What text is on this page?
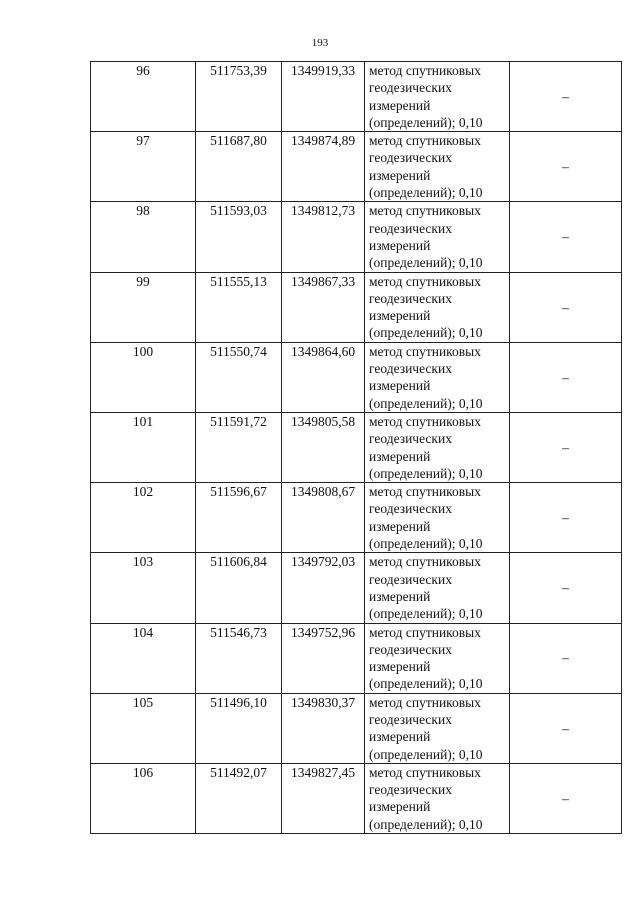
193
96	511753,39	1349919,33	метод спутниковых
геодезических
измерений
(определений); 0,10	–
97	511687,80	1349874,89	метод спутниковых
геодезических
измерений
(определений); 0,10	–
98	511593,03	1349812,73	метод спутниковых
геодезических
измерений
(определений); 0,10	–
99	511555,13	1349867,33	метод спутниковых
геодезических
измерений
(определений); 0,10	–
100	511550,74	1349864,60	метод спутниковых
геодезических
измерений
(определений); 0,10	–
101	511591,72	1349805,58	метод спутниковых
геодезических
измерений
(определений); 0,10	–
102	511596,67	1349808,67	метод спутниковых
геодезических
измерений
(определений); 0,10	–
103	511606,84	1349792,03	метод спутниковых
геодезических
измерений
(определений); 0,10	–
104	511546,73	1349752,96	метод спутниковых
геодезических
измерений
(определений); 0,10	–
105	511496,10	1349830,37	метод спутниковых
геодезических
измерений
(определений); 0,10	–
106	511492,07	1349827,45	метод спутниковых
геодезических
измерений
(определений); 0,10	–
